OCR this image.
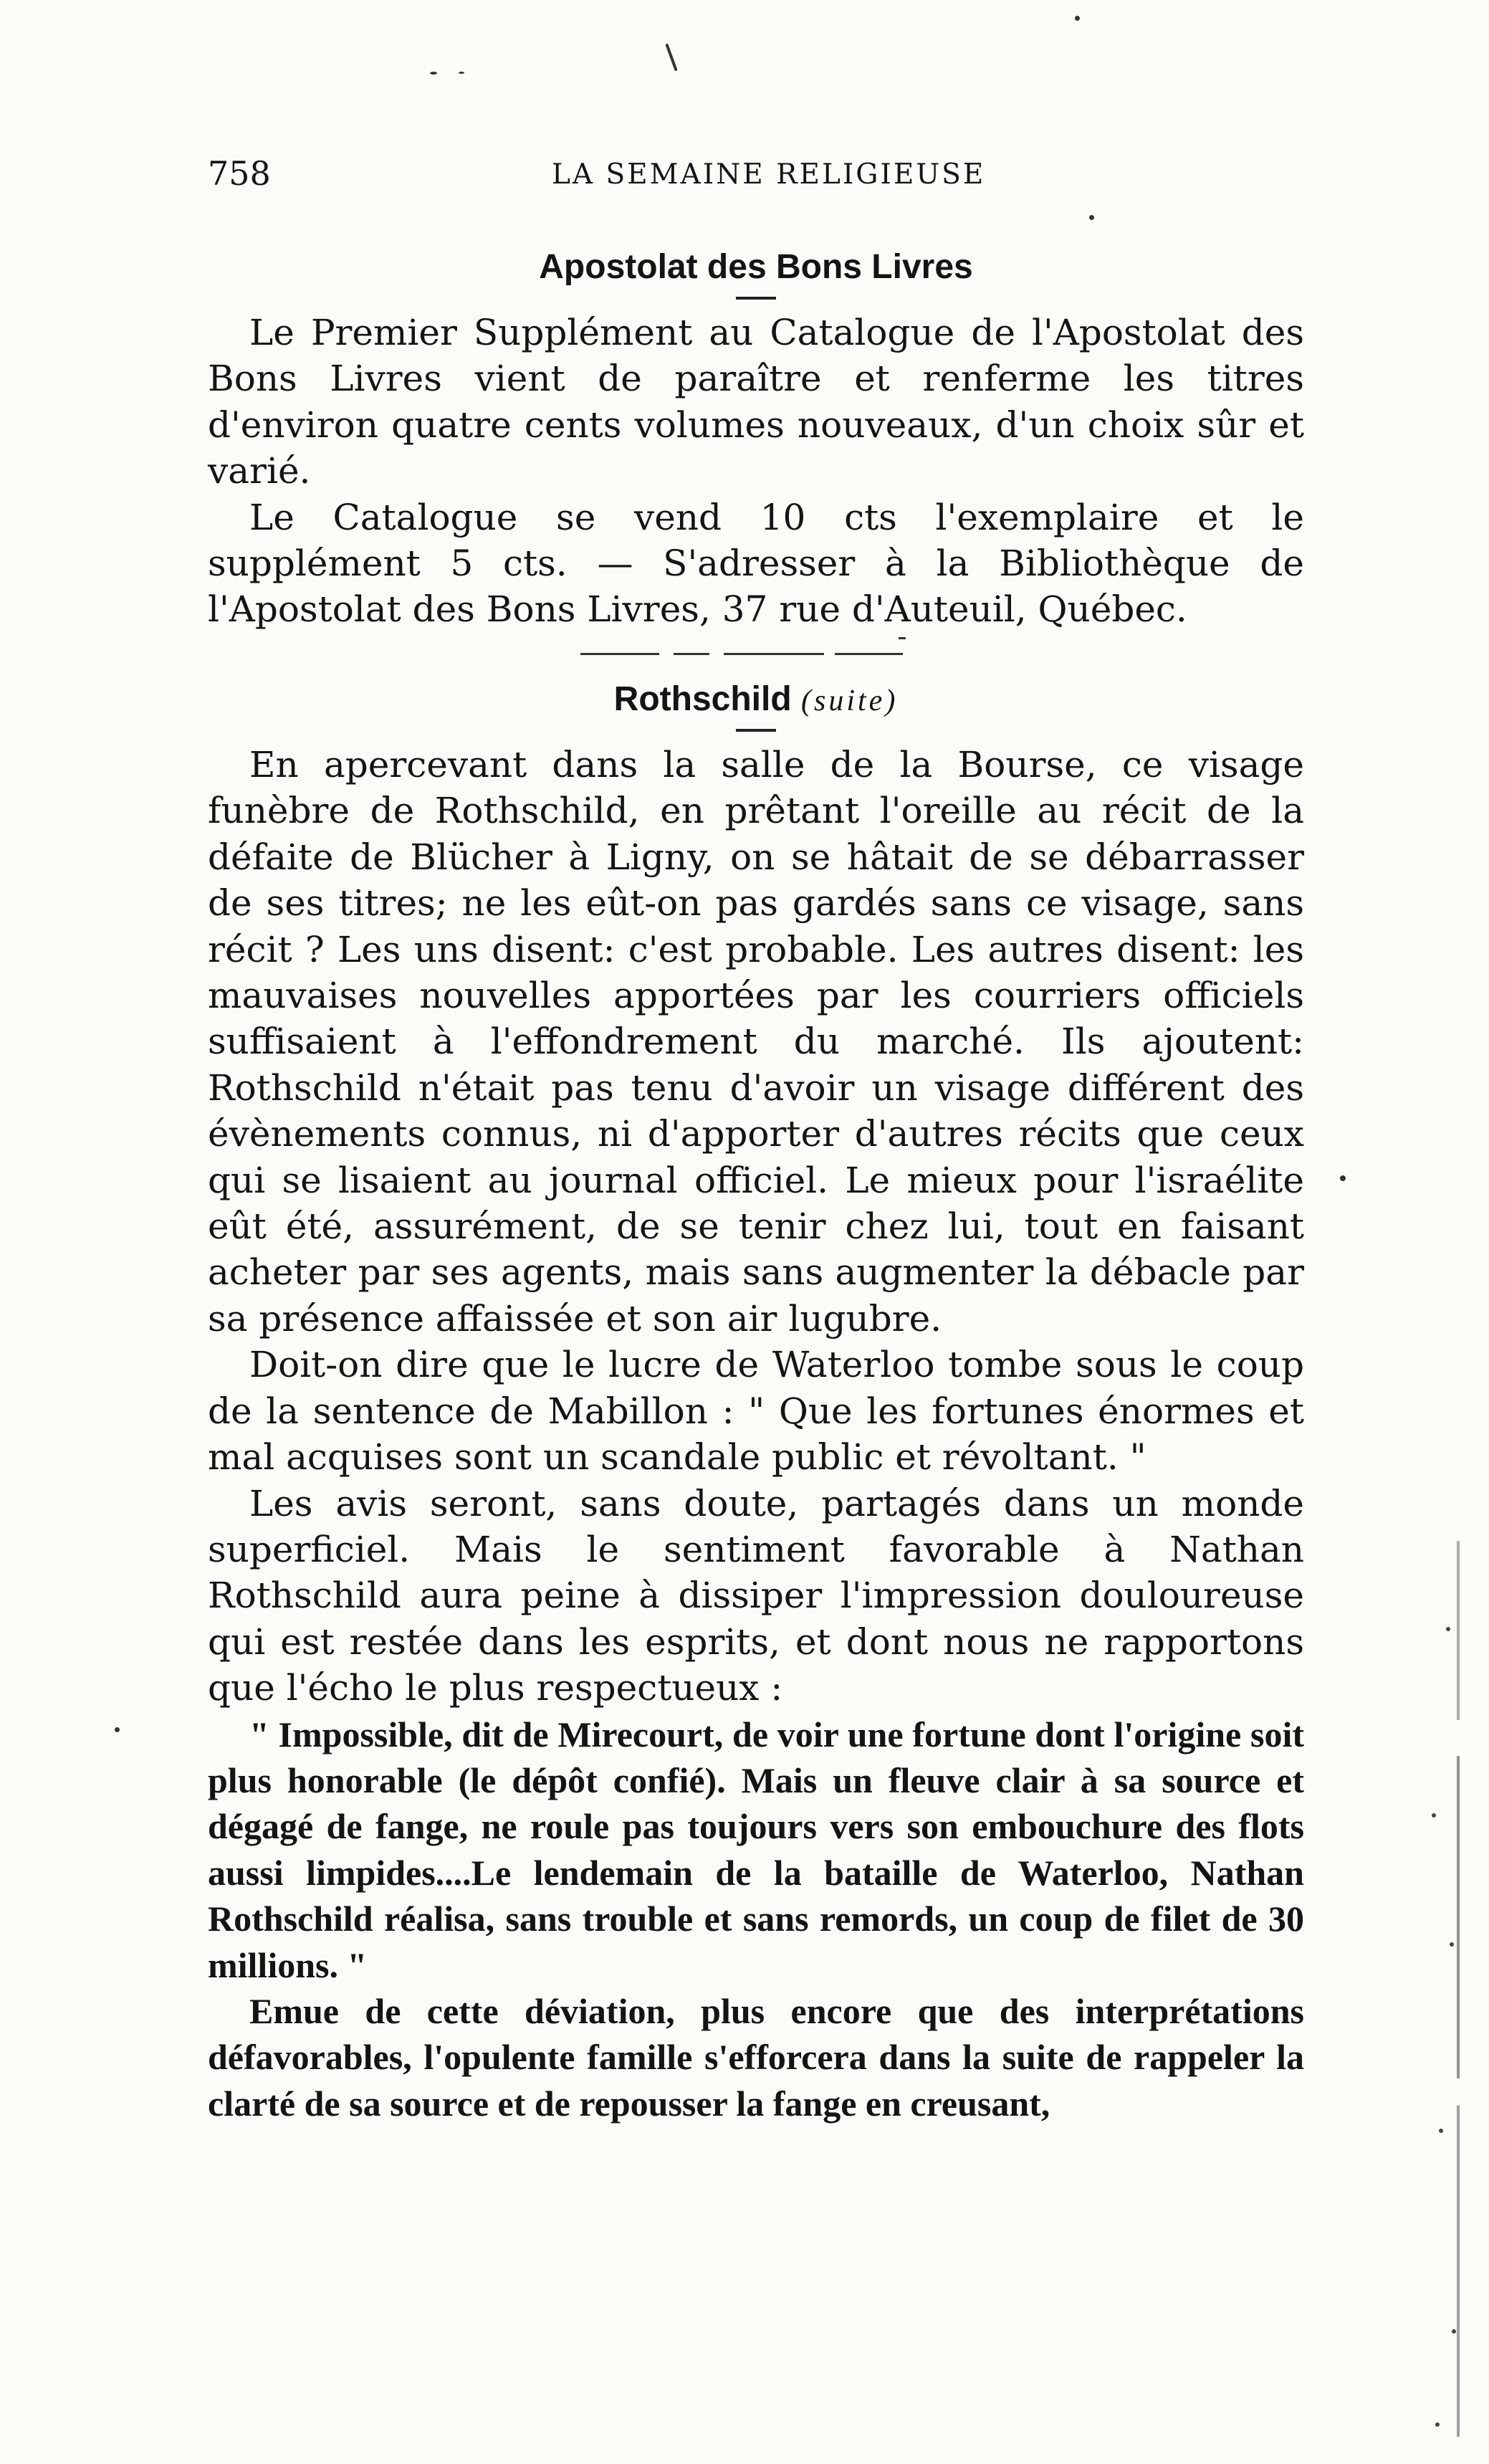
758	LA SEMAINE RELIGIEUSE
Apostolat des Bons Livres

Le Premier Supplément au Catalogue de l'Apostolat des Bons Livres vient de paraître et renferme les titres d'environ quatre cents volumes nouveaux, d'un choix sûr et varié.

Le Catalogue se vend 10 cts l'exemplaire et le supplément 5 cts. — S'adresser à la Bibliothèque de l'Apostolat des Bons Livres, 37 rue d'Auteuil, Québec.

Rothschild (suite)

En apercevant dans la salle de la Bourse, ce visage funèbre de Rothschild, en prêtant l'oreille au récit de la défaite de Blücher à Ligny, on se hâtait de se débarrasser de ses titres; ne les eût-on pas gardés sans ce visage, sans récit ? Les uns disent: c'est probable. Les autres disent: les mauvaises nouvelles apportées par les courriers officiels suffisaient à l'effondrement du marché. Ils ajoutent: Rothschild n'était pas tenu d'avoir un visage différent des évènements connus, ni d'apporter d'autres récits que ceux qui se lisaient au journal officiel. Le mieux pour l'israélite eût été, assurément, de se tenir chez lui, tout en faisant acheter par ses agents, mais sans augmenter la débacle par sa présence affaissée et son air lugubre.

Doit-on dire que le lucre de Waterloo tombe sous le coup de la sentence de Mabillon : " Que les fortunes énormes et mal acquises sont un scandale public et révoltant. "

Les avis seront, sans doute, partagés dans un monde superficiel. Mais le sentiment favorable à Nathan Rothschild aura peine à dissiper l'impression douloureuse qui est restée dans les esprits, et dont nous ne rapportons que l'écho le plus respectueux :

" Impossible, dit de Mirecourt, de voir une fortune dont l'origine soit plus honorable (le dépôt confié). Mais un fleuve clair à sa source et dégagé de fange, ne roule pas toujours vers son embouchure des flots aussi limpides....Le lendemain de la bataille de Waterloo, Nathan Rothschild réalisa, sans trouble et sans remords, un coup de filet de 30 millions. "

Emue de cette déviation, plus encore que des interprétations défavorables, l'opulente famille s'efforcera dans la suite de rappeler la clarté de sa source et de repousser la fange en creusant,
